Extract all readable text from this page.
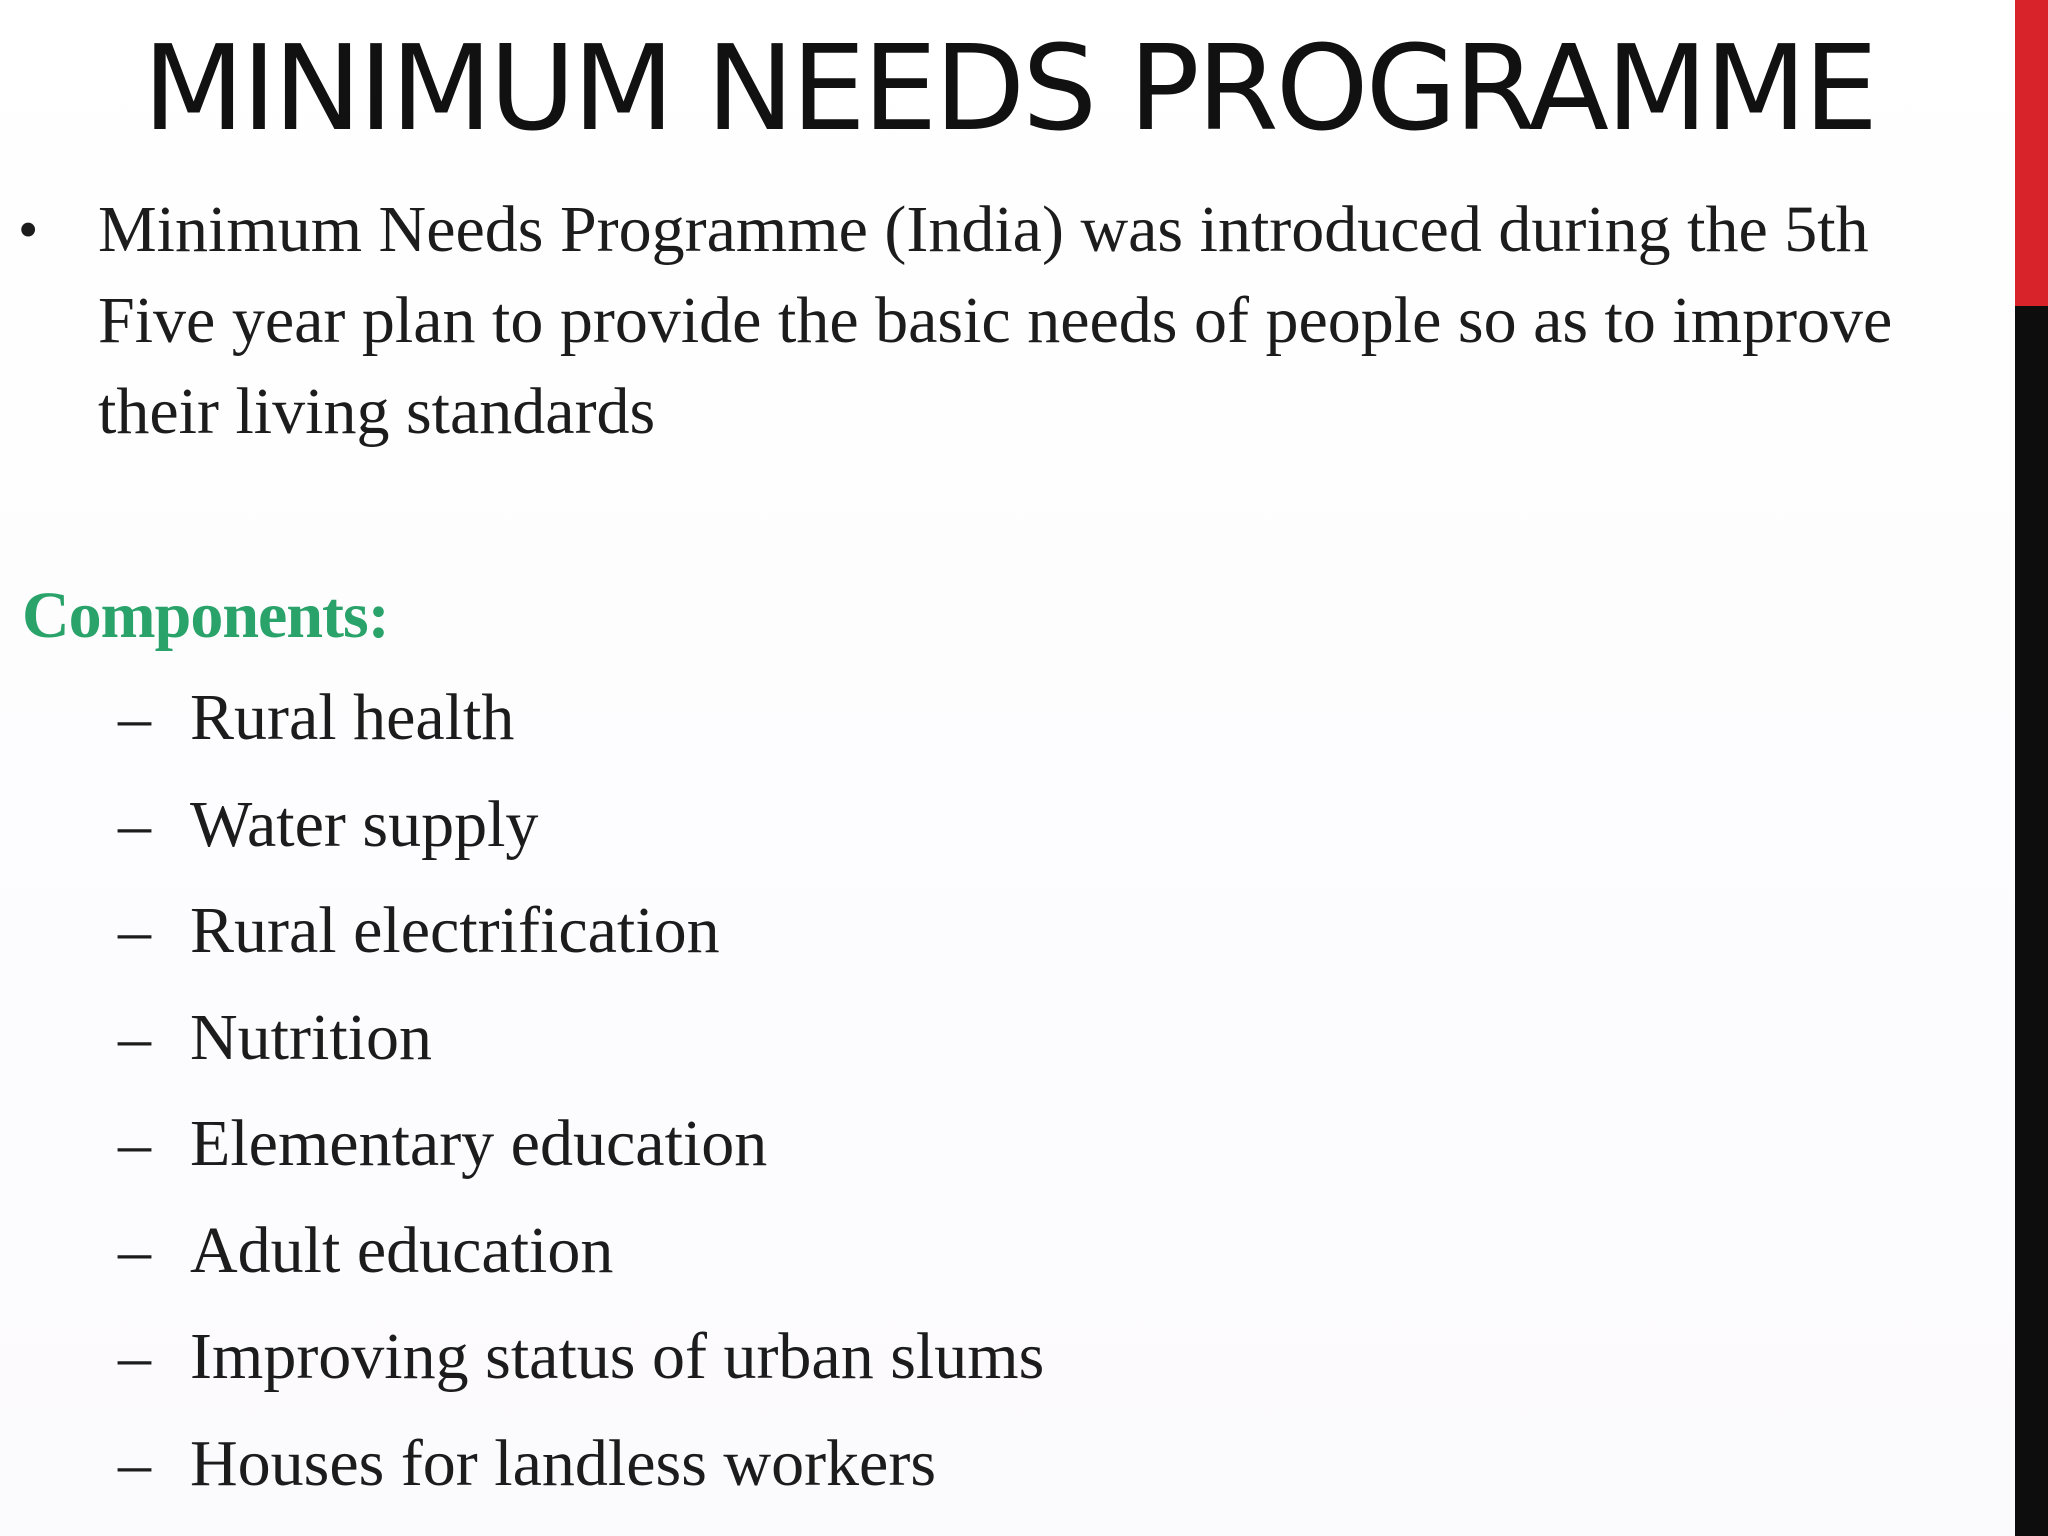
MINIMUM NEEDS PROGRAMME
• Minimum Needs Programme (India) was introduced during the 5th Five year plan to provide the basic needs of people so as to improve their living standards
Components:
– Rural health
– Water supply
– Rural electrification
– Nutrition
– Elementary education
– Adult education
– Improving status of urban slums
– Houses for landless workers
